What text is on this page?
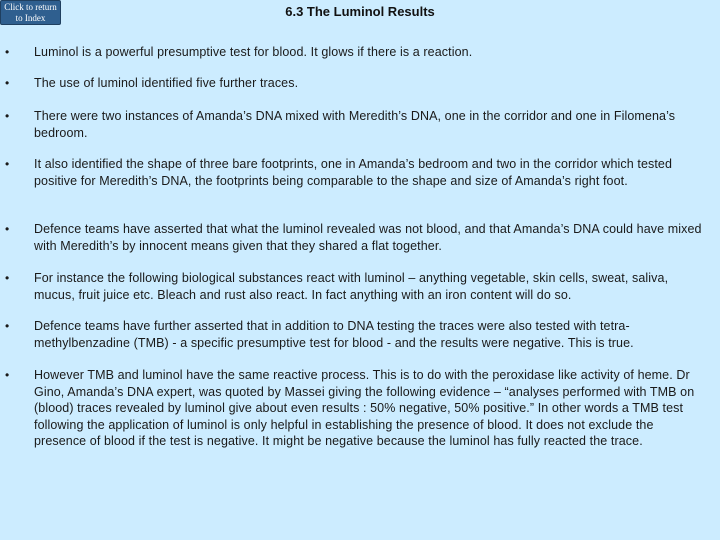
Click to return
to Index	6.3 The Luminol Results
• Luminol is a powerful presumptive test for blood. It glows if there is a reaction.
• The use of luminol identified five further traces.
• There were two instances of Amanda’s DNA mixed with Meredith’s DNA, one in the corridor and one in Filomena’s bedroom.
• It also identified the shape of three bare footprints, one in Amanda’s bedroom and two in the corridor which tested positive for Meredith’s DNA, the footprints being comparable to the shape and size of Amanda’s right foot.
• Defence teams have asserted that what the luminol revealed was not blood, and that Amanda’s DNA could have mixed with Meredith’s by innocent means given that they shared a flat together.
• For instance the following biological substances react with luminol – anything vegetable, skin cells, sweat, saliva, mucus, fruit juice etc. Bleach and rust also react. In fact anything with an iron content will do so.
• Defence teams have further asserted that in addition to DNA testing the traces were also tested with tetra-methylbenzadine (TMB) - a specific presumptive test for blood - and the results were negative. This is true.
• However TMB and luminol have the same reactive process. This is to do with the peroxidase like activity of heme. Dr Gino, Amanda’s DNA expert, was quoted by Massei giving the following evidence – “analyses performed with TMB on (blood) traces revealed by luminol give about even results : 50% negative, 50% positive.” In other words a TMB test following the application of luminol is only helpful in establishing the presence of blood. It does not exclude the presence of blood if the test is negative. It might be negative because the luminol has fully reacted the trace.
